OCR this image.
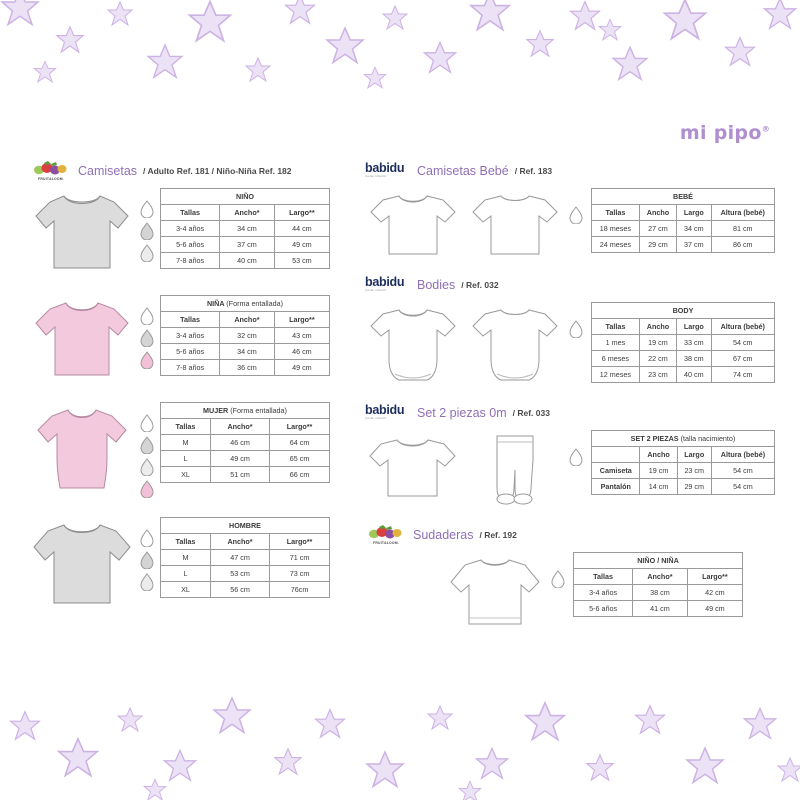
mi pipo®
FRUIT&LOOM.
Camisetas / Adulto Ref. 181 / Niño-Niña Ref. 182
NIÑO		
Tallas	Ancho*	Largo**
3-4 años	34 cm	44 cm
5-6 años	37 cm	49 cm
7-8 años	40 cm	53 cm
NIÑA (Forma entallada)		
Tallas	Ancho*	Largo**
3-4 años	32 cm	43 cm
5-6 años	34 cm	46 cm
7-8 años	36 cm	49 cm
MUJER (Forma entallada)		
Tallas	Ancho*	Largo**
M	46 cm	64 cm
L	49 cm	65 cm
XL	51 cm	66 cm
HOMBRE		
Tallas	Ancho*	Largo**
M	47 cm	71 cm
L	53 cm	73 cm
XL	56 cm	76cm
babidu
moda infantil	Camisetas Bebé / Ref. 183
BEBÉ			
Tallas	Ancho	Largo	Altura (bebé)
18 meses	27 cm	34 cm	81 cm
24 meses	29 cm	37 cm	86 cm
babidu
moda infantil	Bodies / Ref. 032
BODY			
Tallas	Ancho	Largo	Altura (bebé)
1 mes	19 cm	33 cm	54 cm
6 meses	22 cm	38 cm	67 cm
12 meses	23 cm	40 cm	74 cm
babidu
moda infantil	Set 2 piezas 0m / Ref. 033
SET 2 PIEZAS (talla nacimiento)			
	Ancho	Largo	Altura (bebé)
Camiseta	19 cm	23 cm	54 cm
Pantalón	14 cm	29 cm	54 cm
FRUIT&LOOM.
Sudaderas / Ref. 192
NIÑO / NIÑA		
Tallas	Ancho*	Largo**
3-4 años	38 cm	42 cm
5-6 años	41 cm	49 cm
